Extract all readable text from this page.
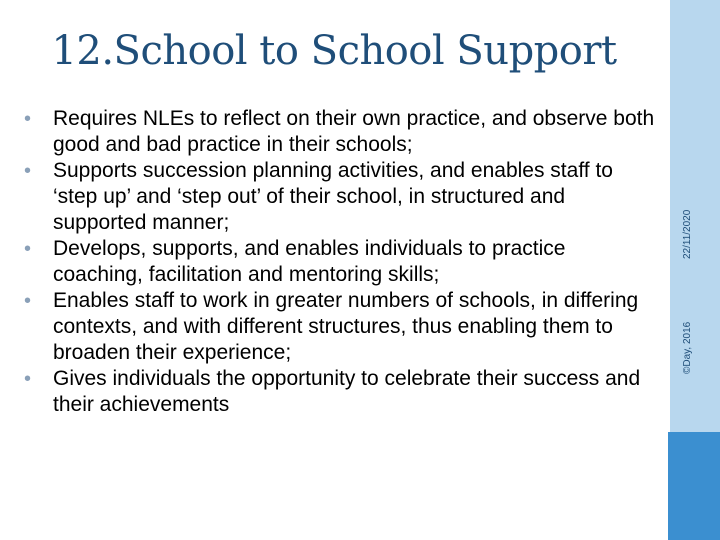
12.School to School Support
• Requires NLEs to reflect on their own practice, and observe both good and bad practice in their schools;
• Supports succession planning activities, and enables staff to ‘step up’ and ‘step out’ of their school, in structured and supported manner;
• Develops, supports, and enables individuals to practice coaching, facilitation and mentoring skills;
• Enables staff to work in greater numbers of schools, in differing contexts, and with different structures, thus enabling them to broaden their experience;
• Gives individuals the opportunity to celebrate their success and their achievements
22/11/2020
©Day, 2016
